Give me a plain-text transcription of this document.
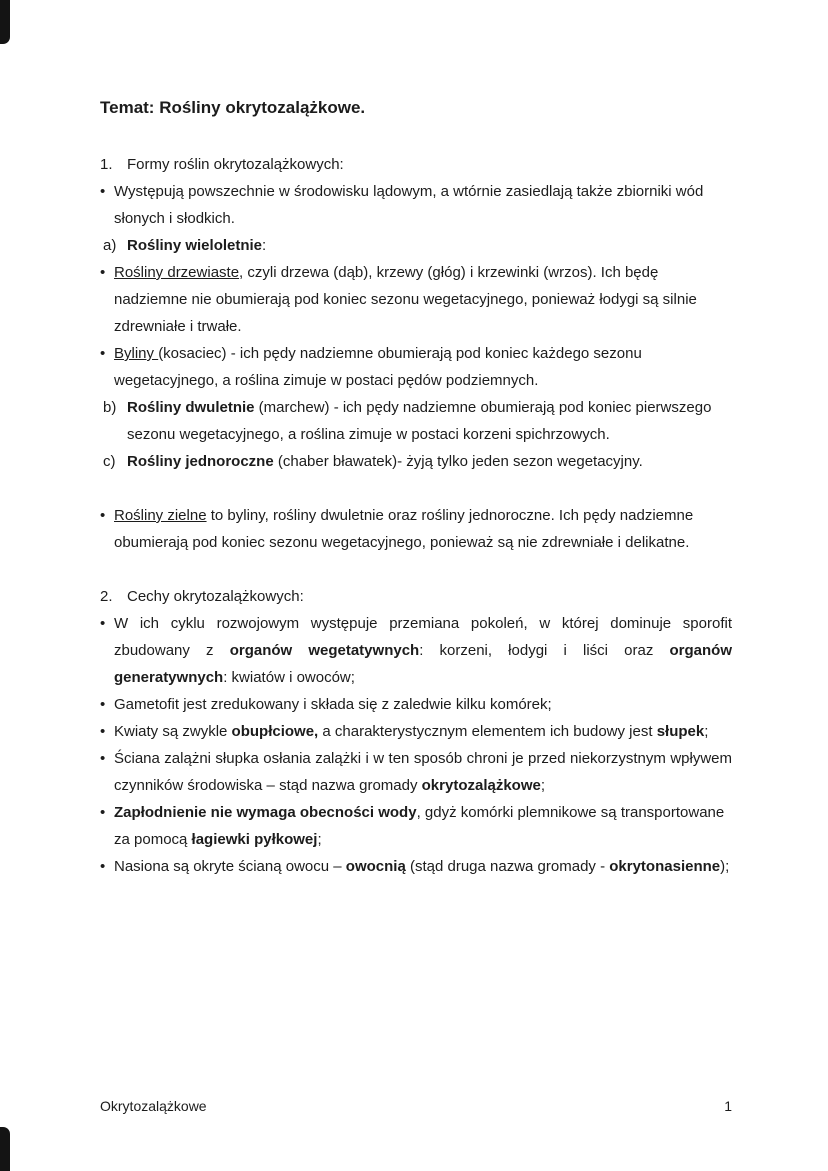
Temat: Rośliny okrytozalążkowe.
1. Formy roślin okrytozalążkowych:
• Występują powszechnie w środowisku lądowym, a wtórnie zasiedlają także zbiorniki wód słonych i słodkich.
a) Rośliny wieloletnie:
• Rośliny drzewiaste, czyli drzewa (dąb), krzewy (głóg) i krzewinki (wrzos). Ich będę nadziemne nie obumierają pod koniec sezonu wegetacyjnego, ponieważ łodygi są silnie zdrewniałe i trwałe.
• Byliny (kosaciec) - ich pędy nadziemne obumierają pod koniec każdego sezonu wegetacyjnego, a roślina zimuje w postaci pędów podziemnych.
b) Rośliny dwuletnie (marchew) - ich pędy nadziemne obumierają pod koniec pierwszego sezonu wegetacyjnego, a roślina zimuje w postaci korzeni spichrzowych.
c) Rośliny jednoroczne (chaber bławatek)- żyją tylko jeden sezon wegetacyjny.
• Rośliny zielne to byliny, rośliny dwuletnie oraz rośliny jednoroczne. Ich pędy nadziemne obumierają pod koniec sezonu wegetacyjnego, ponieważ są nie zdrewniałe i delikatne.
2. Cechy okrytozalążkowych:
• W ich cyklu rozwojowym występuje przemiana pokoleń, w której dominuje sporofit zbudowany z organów wegetatywnych: korzeni, łodygi i liści oraz organów generatywnych: kwiatów i owoców;
• Gametofit jest zredukowany i składa się z zaledwie kilku komórek;
• Kwiaty są zwykle obupłciowe, a charakterystycznym elementem ich budowy jest słupek;
• Ściana zalążni słupka osłania zalążki i w ten sposób chroni je przed niekorzystnym wpływem czynników środowiska – stąd nazwa gromady okrytozalążkowe;
• Zapłodnienie nie wymaga obecności wody, gdyż komórki plemnikowe są transportowane za pomocą łagiewki pyłkowej;
• Nasiona są okryte ścianą owocu – owocnią (stąd druga nazwa gromady - okrytonasienne);
Okrytozalążkowe	1
